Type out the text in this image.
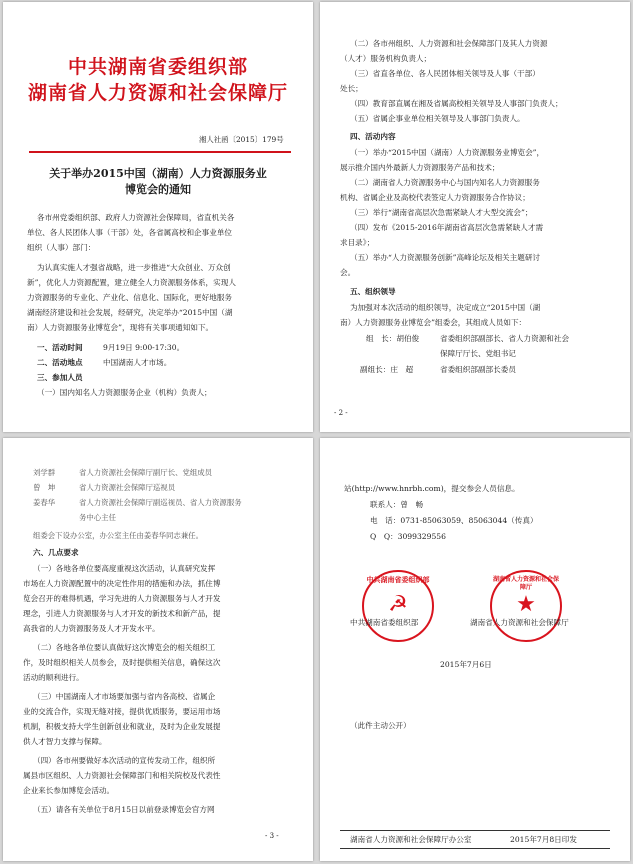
中共湖南省委组织部
湖南省人力资源和社会保障厅
湘人社函〔2015〕179号
关于举办2015中国（湖南）人力资源服务业
博览会的通知
各市州党委组织部、政府人力资源社会保障局，省直机关各
单位、各人民团体人事（干部）处，各省属高校和企事业单位
组织（人事）部门：
为认真实施人才强省战略，进一步推进“大众创业、万众创
新”，优化人力资源配置，建立健全人力资源服务体系，实现人
力资源服务的专业化、产业化、信息化、国际化，更好地服务
湖南经济建设和社会发展，经研究，决定举办“2015中国（湖
南）人力资源服务业博览会”，现将有关事项通知如下。
一、活动时间	9月19日 9:00-17:30。
二、活动地点	中国湖南人才市场。
三、参加人员
（一）国内知名人力资源服务企业（机构）负责人；
（二）各市州组织、人力资源和社会保障部门及其人力资源
（人才）服务机构负责人；
（三）省直各单位、各人民团体相关领导及人事（干部）
处长；
（四）教育部直属在湘及省属高校相关领导及人事部门负责人；
（五）省属企事业单位相关领导及人事部门负责人。
四、活动内容
（一）举办“2015中国（湖南）人力资源服务业博览会”，
展示推介国内外最新人力资源服务产品和技术；
（二）湖南省人力资源服务中心与国内知名人力资源服务
机构、省属企业及高校代表签定人力资源服务合作协议；
（三）举行“湖南省高层次急需紧缺人才大型交流会”；
（四）发布《2015-2016年湖南省高层次急需紧缺人才需
求目录》；
（五）举办“人力资源服务创新”高峰论坛及相关主题研讨
会。
五、组织领导
为加强对本次活动的组织领导，决定成立“2015中国（湖
南）人力资源服务业博览会”组委会，其组成人员如下：
组　长：胡伯俊	省委组织部副部长、省人力资源和社会
保障厅厅长、党组书记
副组长：庄　超	省委组织部副部长委员
- 2 -
刘学群	省人力资源社会保障厅副厅长、党组成员
曾　坤	省人力资源社会保障厅巡视员
姜春华	省人力资源社会保障厅副巡视员、省人力资源服务
务中心主任
组委会下设办公室，办公室主任由姜春华同志兼任。
六、几点要求
（一）各地各单位要高度重视这次活动，认真研究发挥
市场在人力资源配置中的决定性作用的措施和办法，抓住博
览会召开的难得机遇，学习先进的人力资源服务与人才开发
理念，引进人力资源服务与人才开发的新技术和新产品，提
高我省的人力资源服务及人才开发水平。
（二）各地各单位要认真做好这次博览会的相关组织工
作，及时组织相关人员参会，及时提供相关信息，确保这次
活动的顺利进行。
（三）中国湖南人才市场要加强与省内各高校、省属企
业的交流合作，实现无缝对接，提供优质服务，要运用市场
机制，积极支持大学生创新创业和就业，及时为企业发展提
供人才智力支撑与保障。
（四）各市州要做好本次活动的宣传发动工作，组织所
属县市区组织、人力资源社会保障部门和相关院校及代表性
企业来长参加博览会活动。
（五）请各有关单位于8月15日以前登录博览会官方网
- 3 -
站(http://www.hnrbh.com)，提交参会人员信息。
联系人：曾　畅
电　话：0731-85063059、85063044（传真）
Q　Q：3099329556
中共湖南省委组织部
☭
湖南省人力资源和社会保障厅
★
中共湖南省委组织部	湖南省人力资源和社会保障厅
2015年7月6日
（此件主动公开）
湖南省人力资源和社会保障厅办公室	2015年7月8日印发
